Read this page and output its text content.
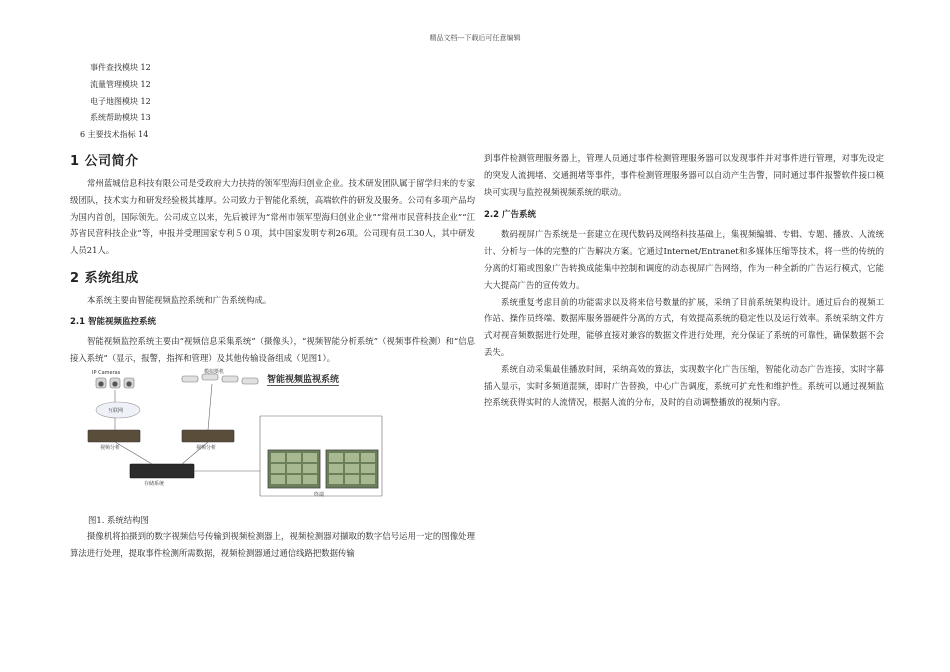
精品文档---下载后可任意编辑
事件查找模块 12
流量管理模块 12
电子地图模块 12
系统帮助模块 13
6 主要技术指标 14
1 公司简介

常州蓝城信息科技有限公司是受政府大力扶持的领军型海归创业企业。技术研发团队属于留学归来的专家级团队，技术实力和研发经验极其雄厚。公司致力于智能化系统，高端软件的研发及服务。公司有多项产品均为国内首创，国际领先。公司成立以来，先后被评为“常州市领军型海归创业企业”“常州市民营科技企业”“江苏省民营科技企业”等，申报并受理国家专利５０项，其中国家发明专利26项。公司现有员工30人，其中研发人员21人。

2 系统组成

本系统主要由智能视频监控系统和广告系统构成。

2.1 智能视频监控系统

智能视频监控系统主要由“视频信息采集系统”（摄像头），“视频智能分析系统”（视频事件检测）和“信息接入系统”（显示，报警，指挥和管理）及其他传输设备组成（见图1）。

智能视频监视系统
IP Cameras	模拟摄机
互联网
视频分析	视频分析
存储系统
终端
图1. 系统结构图

摄像机将拍摄到的数字视频信号传输到视频检测器上，视频检测器对撷取的数字信号运用一定的图像处理算法进行处理，提取事件检测所需数据，视频检测器通过通信线路把数据传输

到事件检测管理服务器上，管理人员通过事件检测管理服务器可以发现事件并对事件进行管理，对事先设定的突发人流拥堵、交通拥堵等事件，事件检测管理服务器可以自动产生告警，同时通过事件报警软件接口模块可实现与监控视频视频系统的联动。

2.2 广告系统

数码视屏广告系统是一套建立在现代数码及网络科技基础上，集视频编辑、专辑、专题、播放、人流统计、分析与一体的完整的广告解决方案。它通过Internet/Entranet和多媒体压缩等技术，将一些的传统的分离的灯箱或图象广告转换成能集中控制和调度的动态视屏广告网络，作为一种全新的广告运行模式，它能大大提高广告的宣传效力。

系统重复考虑目前的功能需求以及将来信号数量的扩展，采纳了目前系统架构设计。通过后台的视频工作站、操作员终端、数据库服务器硬件分离的方式，有效提高系统的稳定性以及运行效率。系统采纳文件方式对视音频数据进行处理，能够直接对兼容的数据文件进行处理，充分保证了系统的可靠性，确保数据不会丢失。

系统自动采集最佳播放时间，采纳高效的算法，实现数字化广告压缩，智能化动态广告连接，实时字幕插入显示，实时多频道混频，即时广告替换，中心广告调度，系统可扩充性和维护性。系统可以通过视频监控系统获得实时的人流情况，根据人流的分布，及时的自动调整播放的视频内容。
